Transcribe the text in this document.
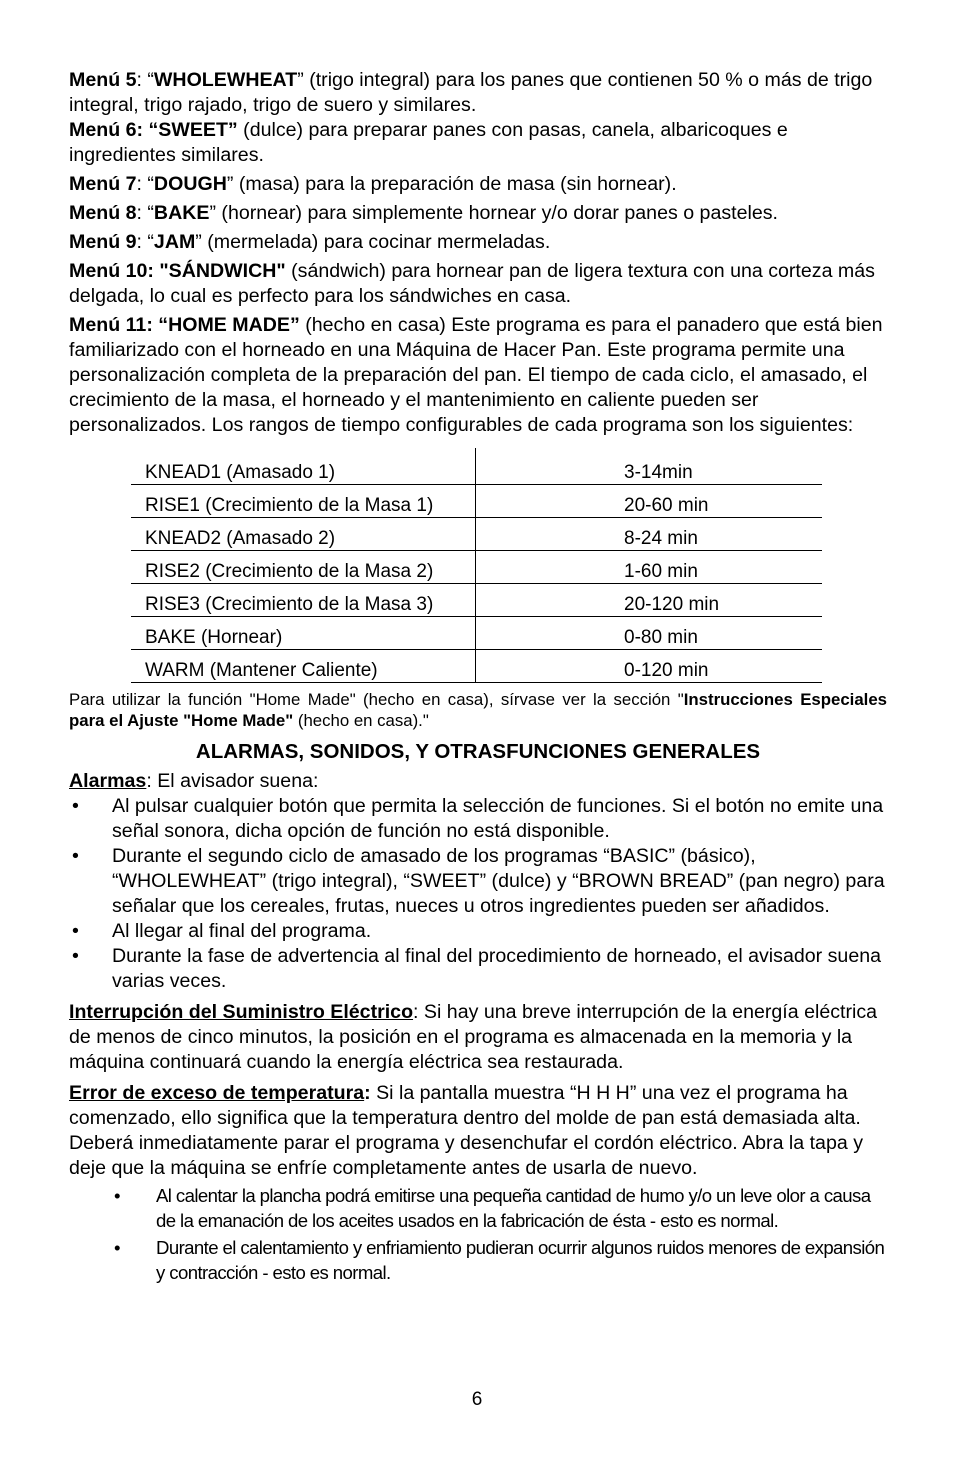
Menú 5: “WHOLEWHEAT” (trigo integral) para los panes que contienen 50 % o más de trigo integral, trigo rajado, trigo de suero y similares.

Menú 6: “SWEET” (dulce) para preparar panes con pasas, canela, albaricoques e ingredientes similares.

Menú 7: “DOUGH” (masa) para la preparación de masa (sin hornear).

Menú 8: “BAKE” (hornear) para simplemente hornear y/o dorar panes o pasteles.

Menú 9: “JAM” (mermelada) para cocinar mermeladas.

Menú 10: "SÁNDWICH" (sándwich) para hornear pan de ligera textura con una corteza más delgada, lo cual es perfecto para los sándwiches en casa.

Menú 11: “HOME MADE” (hecho en casa) Este programa es para el panadero que está bien familiarizado con el horneado en una Máquina de Hacer Pan. Este programa permite una personalización completa de la preparación del pan. El tiempo de cada ciclo, el amasado, el crecimiento de la masa, el horneado y el mantenimiento en caliente pueden ser personalizados. Los rangos de tiempo configurables de cada programa son los siguientes:

KNEAD1 (Amasado 1)	3-14min
RISE1 (Crecimiento de la Masa 1)	20-60 min
KNEAD2 (Amasado 2)	8-24 min
RISE2 (Crecimiento de la Masa 2)	1-60 min
RISE3 (Crecimiento de la Masa 3)	20-120 min
BAKE (Hornear)	0-80 min
WARM (Mantener Caliente)	0-120 min

Para utilizar la función "Home Made" (hecho en casa), sírvase ver la sección "Instrucciones Especiales para el Ajuste "Home Made" (hecho en casa)."

ALARMAS, SONIDOS, Y OTRASFUNCIONES GENERALES

Alarmas: El avisador suena:

• Al pulsar cualquier botón que permita la selección de funciones. Si el botón no emite una señal sonora, dicha opción de función no está disponible.
• Durante el segundo ciclo de amasado de los programas “BASIC” (básico), “WHOLEWHEAT” (trigo integral), “SWEET” (dulce) y “BROWN BREAD” (pan negro) para señalar que los cereales, frutas, nueces u otros ingredientes pueden ser añadidos.
• Al llegar al final del programa.
• Durante la fase de advertencia al final del procedimiento de horneado, el avisador suena varias veces.

Interrupción del Suministro Eléctrico: Si hay una breve interrupción de la energía eléctrica de menos de cinco minutos, la posición en el programa es almacenada en la memoria y la máquina continuará cuando la energía eléctrica sea restaurada.

Error de exceso de temperatura: Si la pantalla muestra “H H H” una vez el programa ha comenzado, ello significa que la temperatura dentro del molde de pan está demasiada alta. Deberá inmediatamente parar el programa y desenchufar el cordón eléctrico. Abra la tapa y deje que la máquina se enfríe completamente antes de usarla de nuevo.

• Al calentar la plancha podrá emitirse una pequeña cantidad de humo y/o un leve olor a causa de la emanación de los aceites usados en la fabricación de ésta - esto es normal.
• Durante el calentamiento y enfriamiento pudieran ocurrir algunos ruidos menores de expansión y contracción - esto es normal.
6
